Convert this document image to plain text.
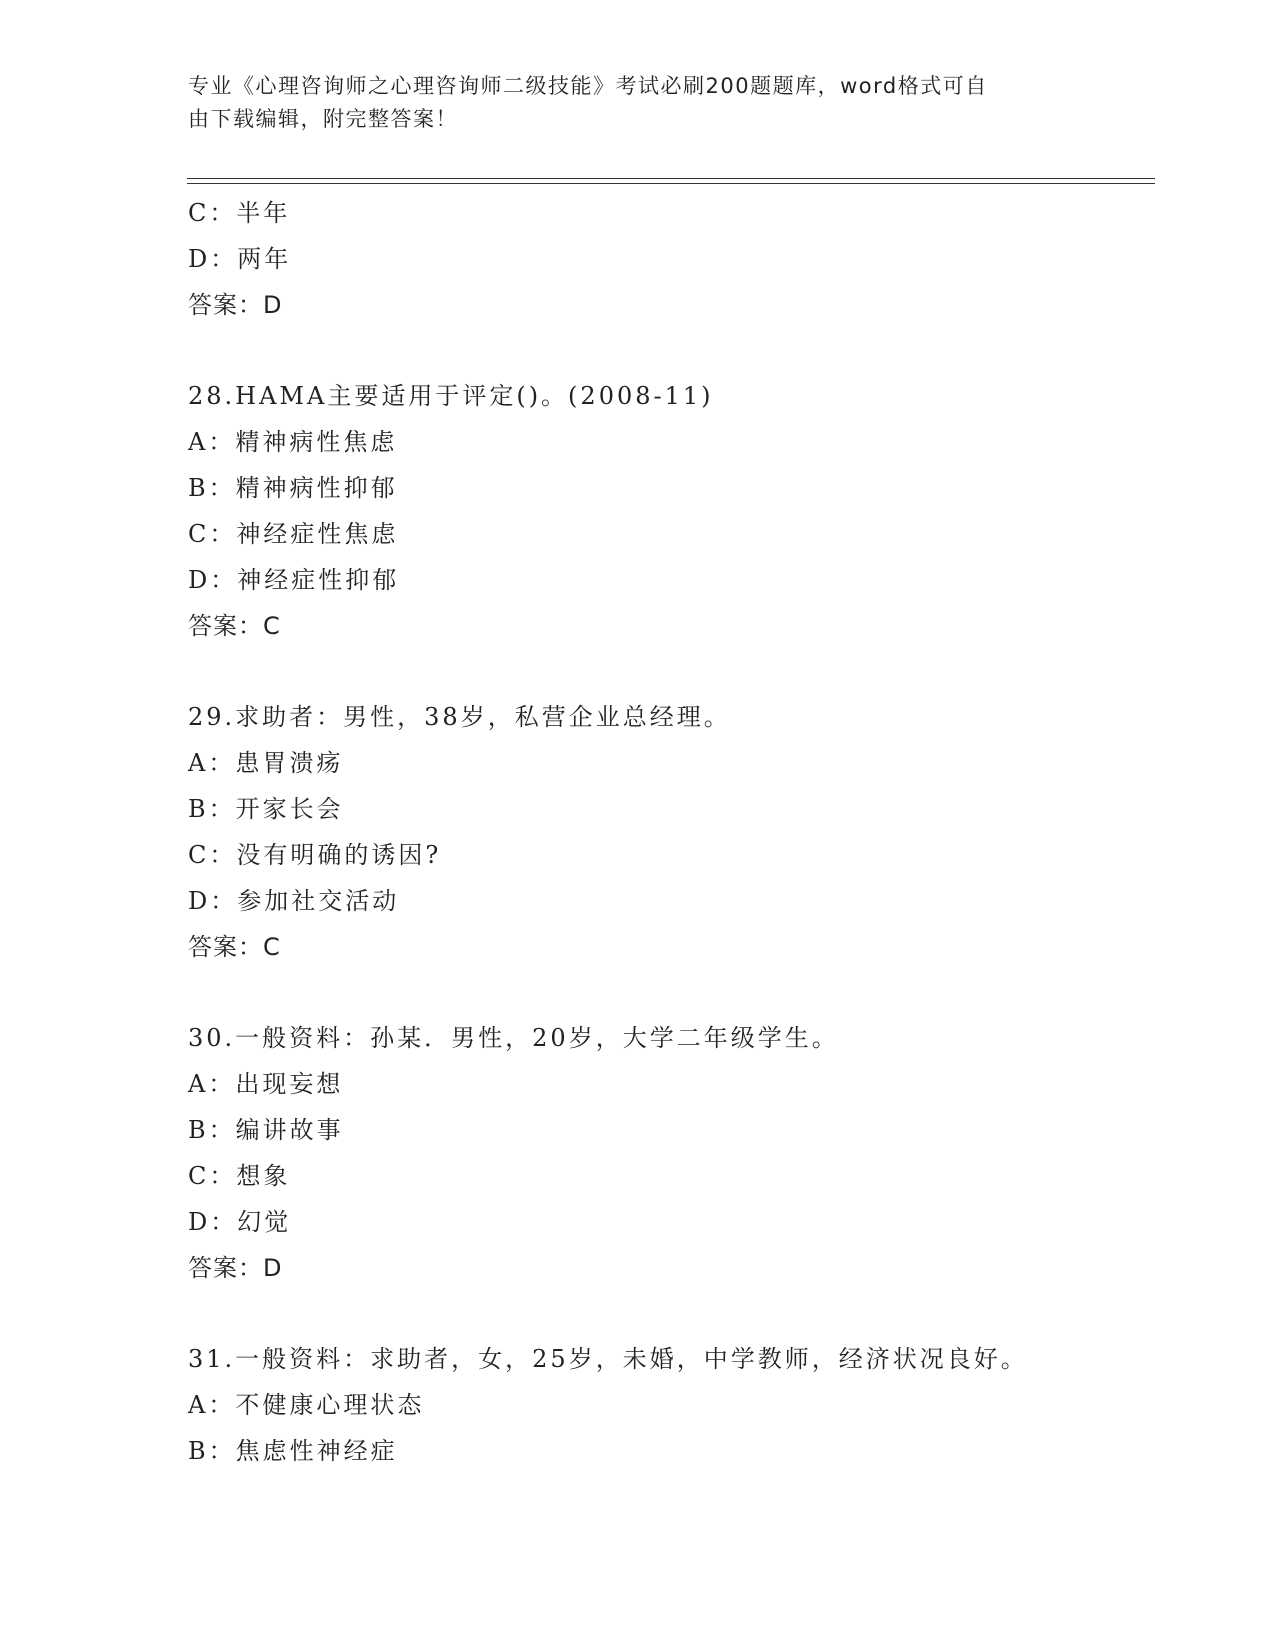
专业《心理咨询师之心理咨询师二级技能》考试必刷200题题库，word格式可自
由下载编辑，附完整答案！
C：半年
D：两年
答案：D
28.HAMA主要适用于评定()。(2008-11)
A：精神病性焦虑
B：精神病性抑郁
C：神经症性焦虑
D：神经症性抑郁
答案：C
29.求助者：男性，38岁，私营企业总经理。
A：患胃溃疡
B：开家长会
C：没有明确的诱因?
D：参加社交活动
答案：C
30.一般资料：孙某．男性，20岁，大学二年级学生。
A：出现妄想
B：编讲故事
C：想象
D：幻觉
答案：D
31.一般资料：求助者，女，25岁，未婚，中学教师，经济状况良好。
A：不健康心理状态
B：焦虑性神经症
